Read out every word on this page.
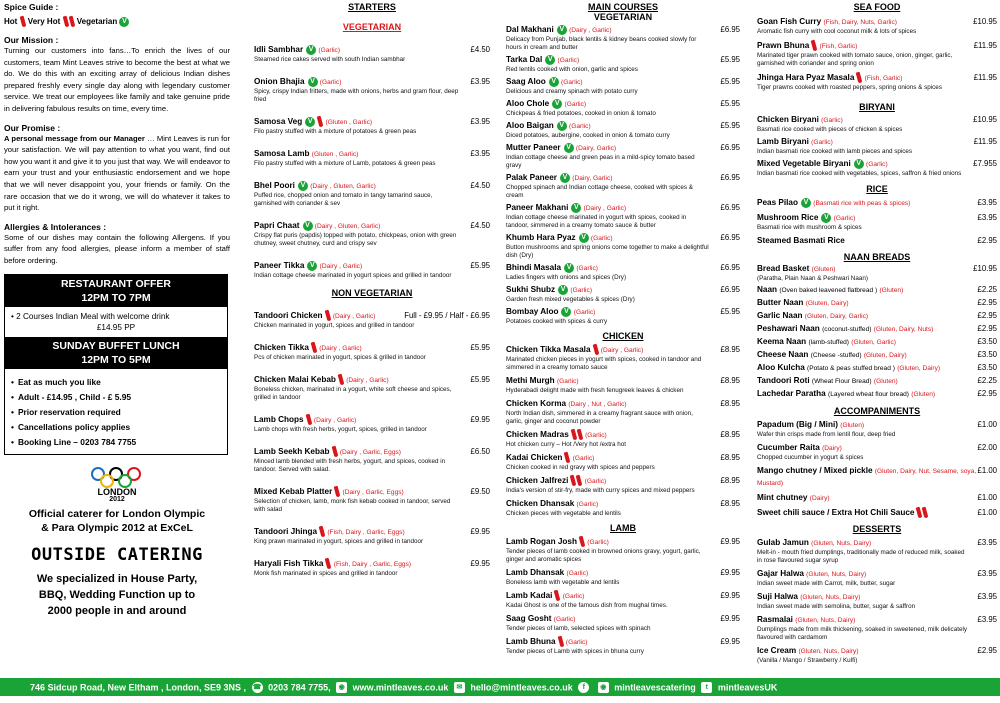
Spice Guide :
Hot Very Hot Vegetarian V
Our Mission :
Turning our customers into fans…To enrich the lives of our customers, team Mint Leaves strive to become the best at what we do. We do this with an exciting array of delicious Indian dishes prepared freshly every single day along with legendary customer service. We treat our employees like family and take genuine pride in delivering fabulous results on time, every time.
Our Promise :
A personal message from our Manager … Mint Leaves is run for your satisfaction. We will pay attention to what you want, find out how you want it and give it to you just that way. We will endeavor to earn your trust and your enthusiastic endorsement and we hope that we will never disappoint you, your friends or family. On the rare occasion that we do it wrong, we will do whatever it takes to put it right.
Allergies & Intolerances :
Some of our dishes may contain the following Allergens. If you suffer from any food allergies, please inform a member of staff before ordering.
RESTAURANT OFFER
12PM TO 7PM
• 2 Courses Indian Meal with welcome drink
£14.95 PP
SUNDAY BUFFET LUNCH
12PM TO 5PM
• Eat as much you like
• Adult - £14.95 , Child - £ 5.95
• Prior reservation required
• Cancellations policy applies
• Booking Line – 0203 784 7755
LONDON
2012
Official caterer for London Olympic
& Para Olympic 2012 at ExCeL
OUTSIDE CATERING
We specialized in House Party,
BBQ, Wedding Function up to
2000 people in and around
STARTERS
VEGETARIAN
Idli Sambhar V (Garlic)	£4.50
Steamed rice cakes served with south Indian sambhar
Onion Bhajia V (Garlic)	£3.95
Spicy, crispy Indian fritters, made with onions, herbs and gram flour, deep fried
Samosa Veg V (Gluten , Garlic)	£3.95
Filo pastry stuffed with a mixture of potatoes & green peas
Samosa Lamb (Gluten , Garlic)	£3.95
Filo pastry stuffed with a mixture of Lamb, potatoes & green peas
Bhel Poori V (Dairy , Gluten, Garlic)	£4.50
Puffed rice, chopped onion and tomato in tangy tamarind sauce, garnished with coriander & sev
Papri Chaat V (Dairy , Gluten, Garlic)	£4.50
Crispy flat puris (papdis) topped with potato, chickpeas, onion with green chutney, sweet chutney, curd and crispy sev
Paneer Tikka V (Dairy , Garlic)	£5.95
Indian cottage cheese marinated in yogurt spices and grilled in tandoor
NON VEGETARIAN
Tandoori Chicken (Dairy , Garlic)	Full - £9.95 / Half - £6.95
Chicken marinated in yogurt, spices and grilled in tandoor
Chicken Tikka (Dairy , Garlic)	£5.95
Pcs of chicken marinated in yogurt, spices & grilled in tandoor
Chicken Malai Kebab (Dairy , Garlic)	£5.95
Boneless chicken, marinated in a yogurt, white soft cheese and spices, grilled in tandoor
Lamb Chops (Dairy , Garlic)	£9.95
Lamb chops with fresh herbs, yogurt, spices, grilled in tandoor
Lamb Seekh Kebab (Dairy , Garlic, Eggs)	£6.50
Minced lamb blended with fresh herbs, yogurt, and spices, cooked in tandoor. Served with salad.
Mixed Kebab Platter (Dairy , Garlic, Eggs)	£9.50
Selection of chicken, lamb, monk fish kebab cooked in tandoor, served with salad
Tandoori Jhinga (Fish, Dairy , Garlic, Eggs)	£9.95
King prawn marinated in yogurt, spices and grilled in tandoor
Haryali Fish Tikka (Fish, Dairy , Garlic, Eggs)	£9.95
Monk fish marinated in spices and grilled in tandoor
MAIN COURSES
VEGETARIAN
Dal Makhani V (Dairy , Garlic)	£6.95
Delicacy from Punjab, black lentils & kidney beans cooked slowly for hours in cream and butter
Tarka Dal V (Garlic)	£5.95
Red lentils cooked with onion, garlic and spices
Saag Aloo V (Garlic)	£5.95
Delicious and creamy spinach with potato curry
Aloo Chole V (Garlic)	£5.95
Chickpeas & fried potatoes, cooked in onion & tomato
Aloo Baigan V (Garlic)	£5.95
Diced potatoes, aubergine, cooked in onion & tomato curry
Mutter Paneer V (Dairy, Garlic)	£6.95
Indian cottage cheese and green peas in a mild-spicy tomato based gravy
Palak Paneer V (Dairy, Garlic)	£6.95
Chopped spinach and Indian cottage cheese, cooked with spices & cream
Paneer Makhani V (Dairy , Garlic)	£6.95
Indian cottage cheese marinated in yogurt with spices, cooked in tandoor, simmered in a creamy tomato sauce & butter
Khumb Hara Pyaz V (Garlic)	£6.95
Button mushrooms and spring onions come together to make a delightful dish (Dry)
Bhindi Masala V (Garlic)	£6.95
Ladies fingers with onions and spices (Dry)
Sukhi Shubz V (Garlic)	£6.95
Garden fresh mixed vegetables & spices (Dry)
Bombay Aloo V (Garlic)	£5.95
Potatoes cooked with spices & curry
CHICKEN
Chicken Tikka Masala (Dairy , Garlic)	£8.95
Marinated chicken pieces in yogurt with spices, cooked in tandoor and simmered in a creamy tomato sauce
Methi Murgh (Garlic)	£8.95
Hyderabadi delight made with fresh fenugreek leaves & chicken
Chicken Korma (Dairy , Nut , Garlic)	£8.95
North Indian dish, simmered in a creamy fragrant sauce with onion, garlic, ginger and coconut powder
Chicken Madras (Garlic)	£8.95
Hot chicken curry – Hot /Very hot /extra hot
Kadai Chicken (Garlic)	£8.95
Chicken cooked in red gravy with spices and peppers
Chicken Jalfrezi (Garlic)	£8.95
India's version of stir-fry, made with curry spices and mixed peppers
Chicken Dhansak (Garlic)	£8.95
Chicken pieces with vegetable and lentils
LAMB
Lamb Rogan Josh (Garlic)	£9.95
Tender pieces of lamb cooked in browned onions gravy, yogurt, garlic, ginger and aromatic spices
Lamb Dhansak (Garlic)	£9.95
Boneless lamb with vegetable and lentils
Lamb Kadai (Garlic)	£9.95
Kadai Ghost is one of the famous dish from mughal times.
Saag Gosht (Garlic)	£9.95
Tender pieces of lamb, selected spices with spinach
Lamb Bhuna (Garlic)	£9.95
Tender pieces of Lamb with spices in bhuna curry
SEA FOOD
Goan Fish Curry (Fish, Dairy, Nuts, Garlic)	£10.95
Aromatic fish curry with cool coconut milk & lots of spices
Prawn Bhuna (Fish, Garlic)	£11.95
Marinated tiger prawn cooked with tomato sauce, onion, ginger, garlic, garnished with coriander and spring onion
Jhinga Hara Pyaz Masala (Fish, Garlic)	£11.95
Tiger prawns cooked with roasted peppers, spring onions & spices
BIRYANI
Chicken Biryani (Garlic)	£10.95
Basmati rice cooked with pieces of chicken & spices
Lamb Biryani (Garlic)	£11.95
Indian basmati rice cooked with lamb pieces and spices
Mixed Vegetable Biryani V (Garlic)	£7.955
Indian basmati rice cooked with vegetables, spices, saffron & fried onions
RICE
Peas Pilao V (Basmati rice with peas & spices)	£3.95
Mushroom Rice V (Garlic)	£3.95
Basmati rice with mushroom & spices
Steamed Basmati Rice	£2.95
NAAN BREADS
Bread Basket (Gluten)	£10.95
(Paratha, Plain Naan & Peshwari Naan)
Naan (Oven baked leavened flatbread ) (Gluten)	£2.25
Butter Naan (Gluten, Dairy)	£2.95
Garlic Naan (Gluten, Dairy, Garlic)	£2.95
Peshawari Naan (coconut-stuffed) (Gluten, Dairy, Nuts)	£2.95
Keema Naan (lamb-stuffed) (Gluten, Garlic)	£3.50
Cheese Naan (Cheese -stuffed) (Gluten, Dairy)	£3.50
Aloo Kulcha (Potato & peas stuffed bread ) (Gluten, Dairy)	£3.50
Tandoori Roti (Wheat Flour Bread) (Gluten)	£2.25
Lachedar Paratha (Layered wheat flour bread) (Gluten)	£2.95
ACCOMPANIMENTS
Papadum (Big / Mini) (Gluten)	£1.00
Wafer thin crisps made from lentil flour, deep fried
Cucumber Raita (Dairy)	£2.00
Chopped cucumber in yogurt & spices
Mango chutney / Mixed pickle (Gluten, Dairy, Nut, Sesame, soya, Mustard)
£1.00
Mint chutney (Dairy)	£1.00
Sweet chili sauce / Extra Hot Chili Sauce	£1.00
DESSERTS
Gulab Jamun (Gluten, Nuts, Dairy)	£3.95
Melt-in - mouth fried dumplings, traditionally made of reduced milk, soaked in rose flavoured sugar syrup
Gajar Halwa (Gluten, Nuts, Dairy)	£3.95
Indian sweet made with Carrot, milk, butter, sugar
Suji Halwa (Gluten, Nuts, Dairy)	£3.95
Indian sweet made with semolina, butter, sugar & saffron
Rasmalai (Gluten, Nuts, Dairy)	£3.95
Dumplings made from milk thickening, soaked in sweetened, milk delicately flavoured with cardamom
Ice Cream (Gluten, Nuts, Dairy)	£2.95
(Vanilla / Mango / Strawberry / Kulfi)
746 Sidcup Road, New Eltham , London, SE9 3NS , ☎ 0203 784 7755, ◉ www.mintleaves.co.uk ✉ hello@mintleaves.co.uk f ◉ mintleavescatering t mintleavesUK
